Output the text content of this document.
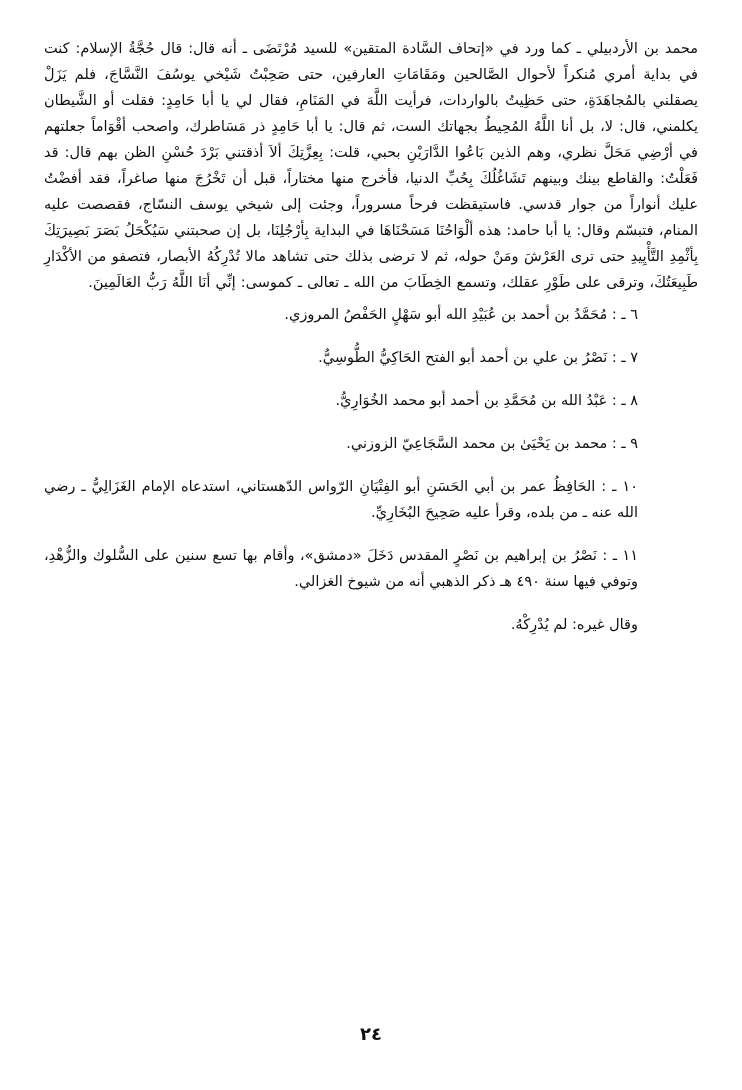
محمد بن الأردبيلي ـ كما ورد في «إتحاف السَّادة المتقين» للسيد مُرْتَضَى ـ أنه قال: قال حُجَّةُ الإسلام: كنت في بداية أمري مُنكراً لأحوال الصَّالحين ومَقَامَاتِ العارفين، حتى صَحِبْتُ شَيْخي يوسُفَ النَّسَّاجَ، فلم يَزَلْ يصقلني بالمُجاهَدَةِ، حتى حَظِيتُ بالواردات، فرأيت اللَّهَ في المَنَامِ، فقال لي يا أبا حَامِدٍ: فقلت أو الشَّيطان يكلمني، قال: لا، بل أنا اللَّهُ المُحِيطُ بجهاتك الست، ثم قال: يا أبا حَامِدٍ ذر مَسَاطرك، واصحب أقْوَاماً جعلتهم في أرْضِي مَحَلَّ نظري، وهم الذين بَاعُوا الدَّارَيْنِ بحبي، قلت: بِعِزَّتِكَ ألاَ أذقتني بَرْدَ حُسْنِ الظن بهم قال: قد فَعَلْتُ: والقاطع بينك وبينهم تَشَاغُلُكَ بِحُبِّ الدنيا، فأخرج منها مختاراً، قبل أن تَخْرُجَ منها صاغراً، فقد أفضْتُ عليك أنواراً من جوار قدسي. فاستيقظت فرحاً مسروراً، وجئت إلى شيخي يوسف النسّاج، فقصصت عليه المنام، فتبسّم وقال: يا أبا حامد: هذه ألْوَاحُنَا مَسَحْنَاهَا في البداية بِأرْجُلِنَا، بل إن صحبتني سَيُكْحَلُ بَصَرَ بَصِيرَتِكَ بِأثْمِدِ التَّأْيِيدِ حتى ترى العَرْشَ ومَنْ حوله، ثم لا ترضى بذلك حتى تشاهد مالا تُدْرِكُهُ الأبصار، فتصفو من الأكْدَارِ طَبِيعَتُكَ، وترقى على طَوْرِ عقلك، وتسمع الخِطَابَ من الله ـ تعالى ـ كموسى: إنِّي أنَا اللَّهُ رَبُّ العَالَمِينَ.

٦ ـ : مُحَمَّدُ بن أحمد بن عُبَيْدِ الله أبو سَهْلٍ الحَفْصُ المروزي.

٧ ـ : نَصْرُ بن علي بن أحمد أبو الفتح الحَاكِيُّ الطُّوسِيُّ.

٨ ـ : عَبْدُ الله بن مُحَمَّدِ بن أحمد أبو محمد الخُوَارِيُّ.

٩ ـ : محمد بن يَحْيَىٰ بن محمد السَّجَاعِيّ الزوزني.

١٠ ـ : الحَافِظُ عمر بن أبي الحَسَنِ أبو الفِتْيَانِ الرّواس الدّهستاني، استدعاه الإمام الغَزَالِيُّ ـ رضي الله عنه ـ من بلده، وقرأ عليه صَحِيحَ البُخَارِيِّ.

١١ ـ : نَصْرُ بن إبراهيم بن نَصْرٍ المقدس دَخَلَ «دمشق»، وأقام بها تسع سنين على السُّلوك والزُّهْدِ، وتوفي فيها سنة ٤٩٠ هـ ذكر الذهبي أنه من شيوخ الغزالي.

وقال غيره: لم يُدْرِكْهُ.

٢٤
